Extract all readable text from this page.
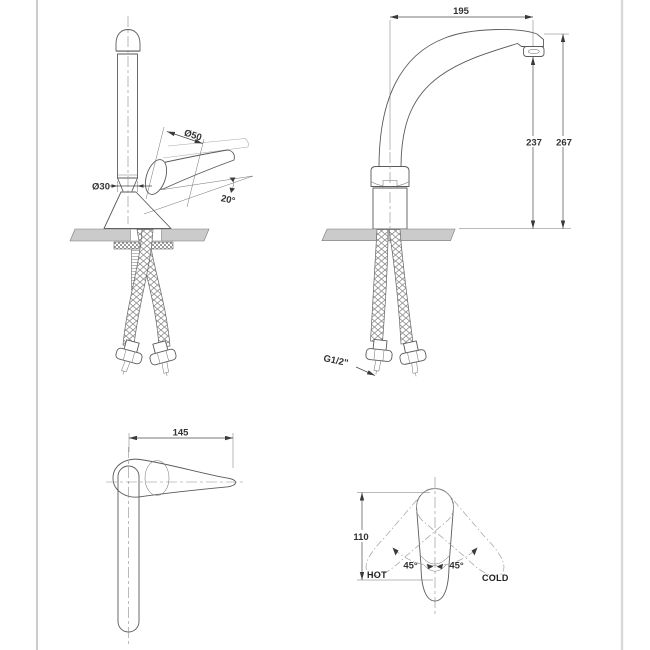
Ø50
Ø30
20°
195
237 267
G1/2"
145
110
45°	45°
HOT	COLD
